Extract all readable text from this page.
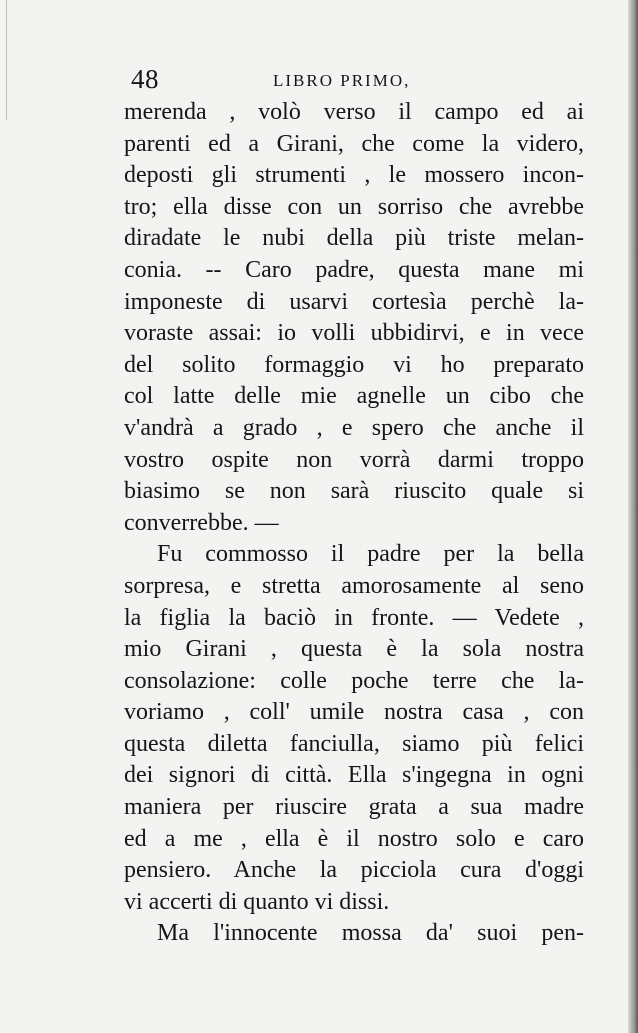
48	LIBRO PRIMO,
merenda , volò verso il campo ed ai
parenti ed a Girani, che come la videro,
deposti gli strumenti , le mossero incon-
tro; ella disse con un sorriso che avrebbe
diradate le nubi della più triste melan-
conia. -- Caro padre, questa mane mi
imponeste di usarvi cortesìa perchè la-
voraste assai: io volli ubbidirvi, e in vece
del solito formaggio vi ho preparato
col latte delle mie agnelle un cibo che
v'andrà a grado , e spero che anche il
vostro ospite non vorrà darmi troppo
biasimo se non sarà riuscito quale si
converrebbe. —
Fu commosso il padre per la bella
sorpresa, e stretta amorosamente al seno
la figlia la baciò in fronte. — Vedete ,
mio Girani , questa è la sola nostra
consolazione: colle poche terre che la-
voriamo , coll' umile nostra casa , con
questa diletta fanciulla, siamo più felici
dei signori di città. Ella s'ingegna in ogni
maniera per riuscire grata a sua madre
ed a me , ella è il nostro solo e caro
pensiero. Anche la picciola cura d'oggi
vi accerti di quanto vi dissi.
Ma l'innocente mossa da' suoi pen-
